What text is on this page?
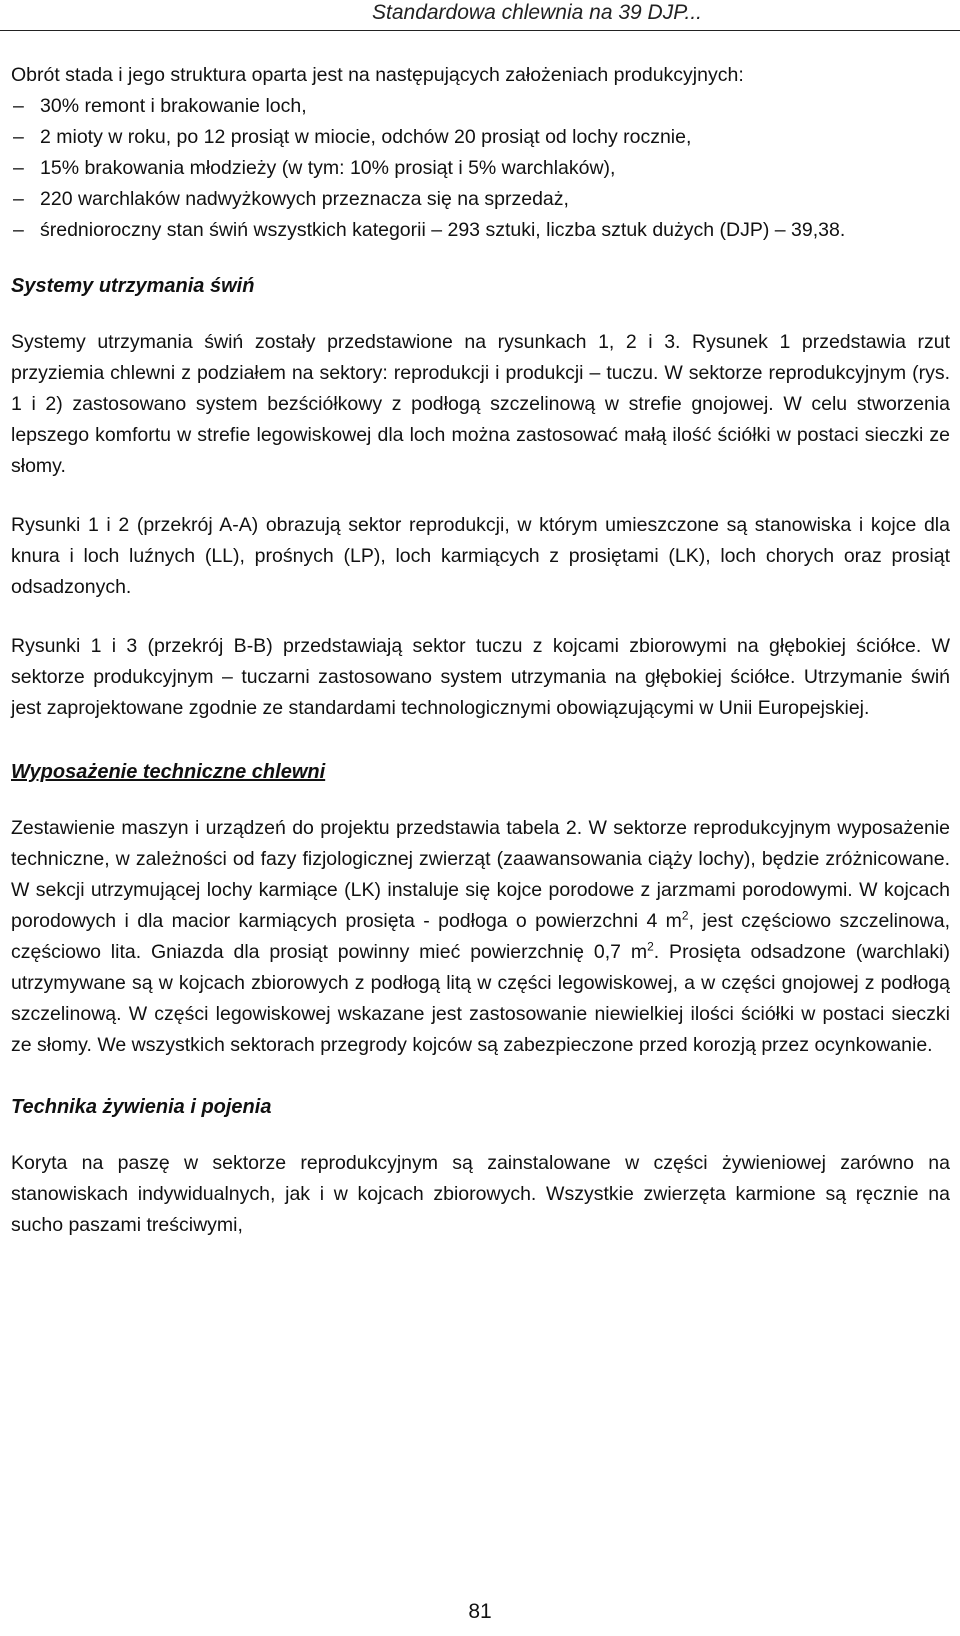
Standardowa chlewnia na 39 DJP...

Obrót stada i jego struktura oparta jest na następujących założeniach produkcyjnych:

– 30% remont i brakowanie loch,
– 2 mioty w roku, po 12 prosiąt w miocie, odchów 20 prosiąt od lochy rocznie,
– 15% brakowania młodzieży (w tym: 10% prosiąt i 5% warchlaków),
– 220 warchlaków nadwyżkowych przeznacza się na sprzedaż,
– średnioroczny stan świń wszystkich kategorii – 293 sztuki, liczba sztuk dużych (DJP) – 39,38.
Systemy utrzymania świń

Systemy utrzymania świń zostały przedstawione na rysunkach 1, 2 i 3. Rysunek 1 przedstawia rzut przyziemia chlewni z podziałem na sektory: reprodukcji i produkcji – tuczu. W sektorze reprodukcyjnym (rys. 1 i 2) zastosowano system bezściółkowy z podłogą szczelinową w strefie gnojowej. W celu stworzenia lepszego komfortu w strefie legowiskowej dla loch można zastosować małą ilość ściółki w postaci sieczki ze słomy.

Rysunki 1 i 2 (przekrój A-A) obrazują sektor reprodukcji, w którym umieszczone są stanowiska i kojce dla knura i loch luźnych (LL), prośnych (LP), loch karmiących z prosiętami (LK), loch chorych oraz prosiąt odsadzonych.

Rysunki 1 i 3 (przekrój B-B) przedstawiają sektor tuczu z kojcami zbiorowymi na głębokiej ściółce. W sektorze produkcyjnym – tuczarni zastosowano system utrzymania na głębokiej ściółce. Utrzymanie świń jest zaprojektowane zgodnie ze standardami technologicznymi obowiązującymi w Unii Europejskiej.

Wyposażenie techniczne chlewni

Zestawienie maszyn i urządzeń do projektu przedstawia tabela 2. W sektorze reprodukcyjnym wyposażenie techniczne, w zależności od fazy fizjologicznej zwierząt (zaawansowania ciąży lochy), będzie zróżnicowane. W sekcji utrzymującej lochy karmiące (LK) instaluje się kojce porodowe z jarzmami porodowymi. W kojcach porodowych i dla macior karmiących prosięta - podłoga o powierzchni 4 $m^2$, jest częściowo szczelinowa, częściowo lita. Gniazda dla prosiąt powinny mieć powierzchnię 0,7 $m^2$. Prosięta odsadzone (warchlaki) utrzymywane są w kojcach zbiorowych z podłogą litą w części legowiskowej, a w części gnojowej z podłogą szczelinową. W części legowiskowej wskazane jest zastosowanie niewielkiej ilości ściółki w postaci sieczki ze słomy. We wszystkich sektorach przegrody kojców są zabezpieczone przed korozją przez ocynkowanie.

Technika żywienia i pojenia

Koryta na paszę w sektorze reprodukcyjnym są zainstalowane w części żywieniowej zarówno na stanowiskach indywidualnych, jak i w kojcach zbiorowych. Wszystkie zwierzęta karmione są ręcznie na sucho paszami treściwymi,

81
